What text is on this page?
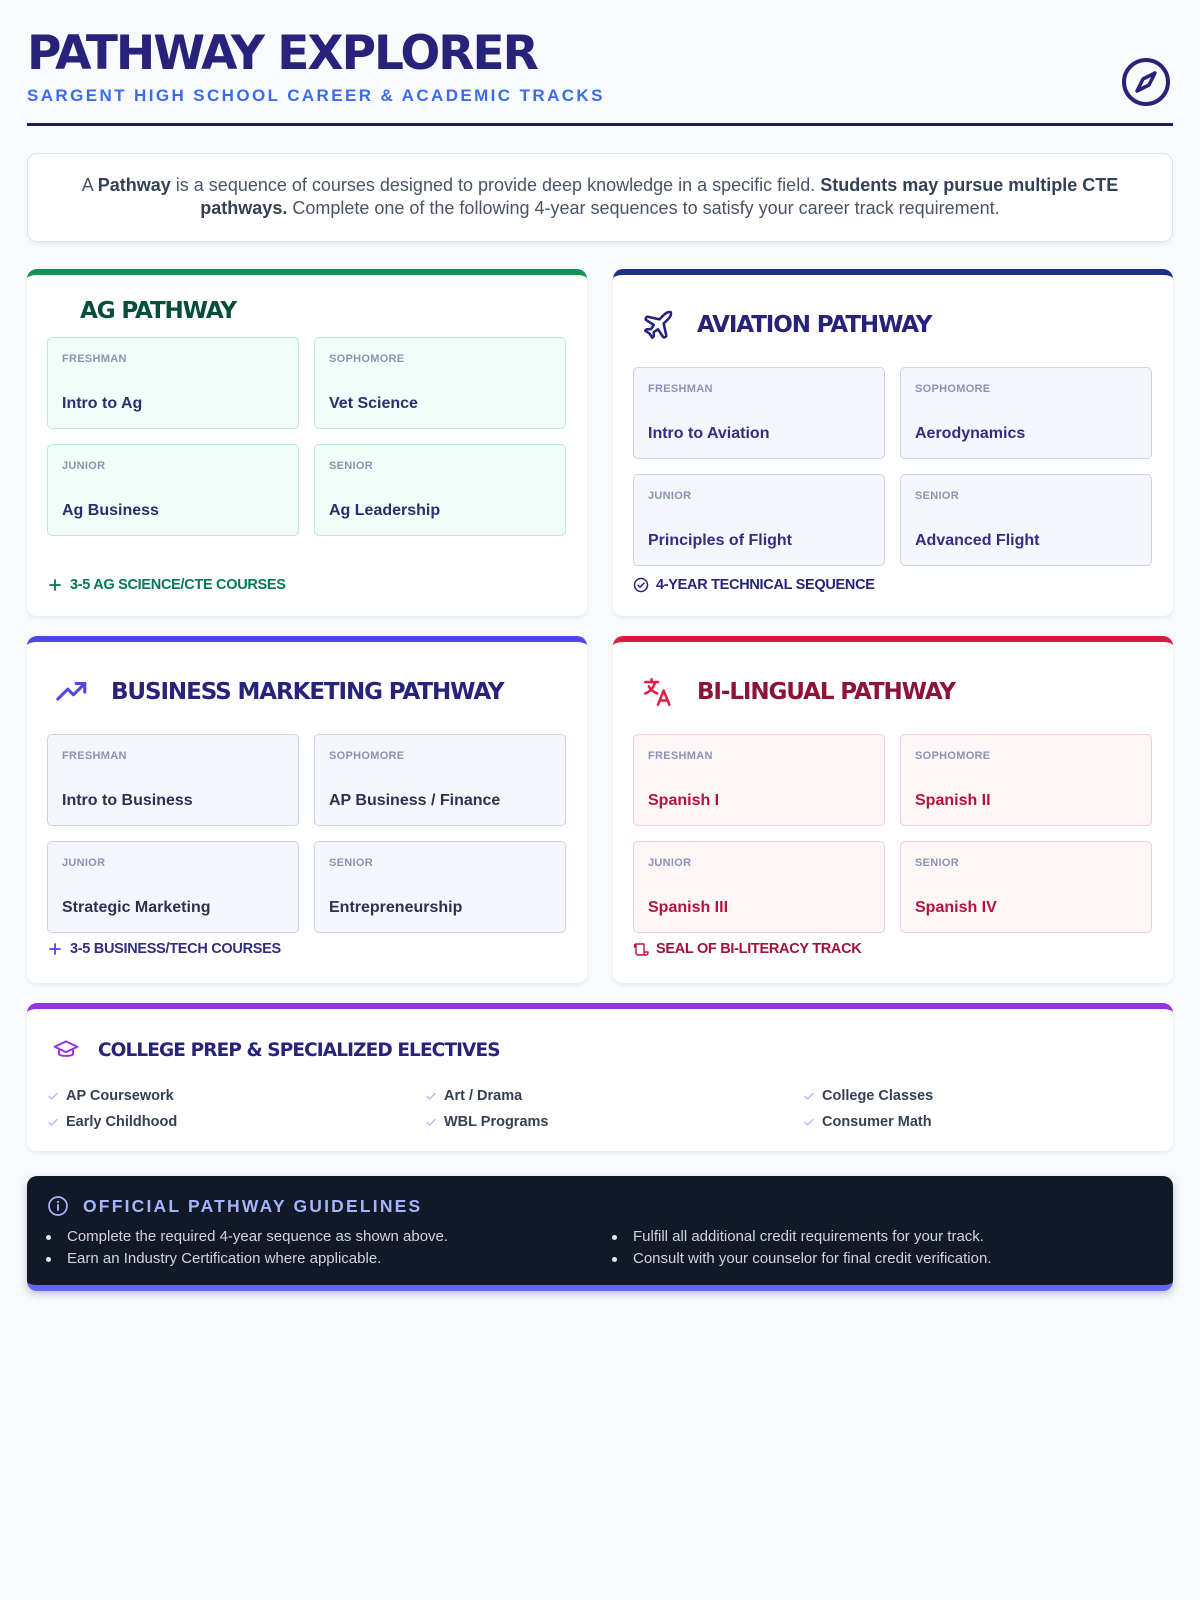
PATHWAY EXPLORER
SARGENT HIGH SCHOOL CAREER & ACADEMIC TRACKS
A Pathway is a sequence of courses designed to provide deep knowledge in a specific field. Students may pursue multiple CTE pathways. Complete one of the following 4-year sequences to satisfy your career track requirement.
AG PATHWAY
FRESHMAN
Intro to Ag
SOPHOMORE
Vet Science
JUNIOR
Ag Business
SENIOR
Ag Leadership
3-5 AG SCIENCE/CTE COURSES
AVIATION PATHWAY
FRESHMAN
Intro to Aviation
SOPHOMORE
Aerodynamics
JUNIOR
Principles of Flight
SENIOR
Advanced Flight
4-YEAR TECHNICAL SEQUENCE
BUSINESS MARKETING PATHWAY
FRESHMAN
Intro to Business
SOPHOMORE
AP Business / Finance
JUNIOR
Strategic Marketing
SENIOR
Entrepreneurship
3-5 BUSINESS/TECH COURSES
BI-LINGUAL PATHWAY
FRESHMAN
Spanish I
SOPHOMORE
Spanish II
JUNIOR
Spanish III
SENIOR
Spanish IV
SEAL OF BI-LITERACY TRACK
COLLEGE PREP & SPECIALIZED ELECTIVES
AP Coursework	Art / Drama	College Classes
Early Childhood	WBL Programs	Consumer Math
OFFICIAL PATHWAY GUIDELINES
Complete the required 4-year sequence as shown above.
Earn an Industry Certification where applicable.
Fulfill all additional credit requirements for your track.
Consult with your counselor for final credit verification.
